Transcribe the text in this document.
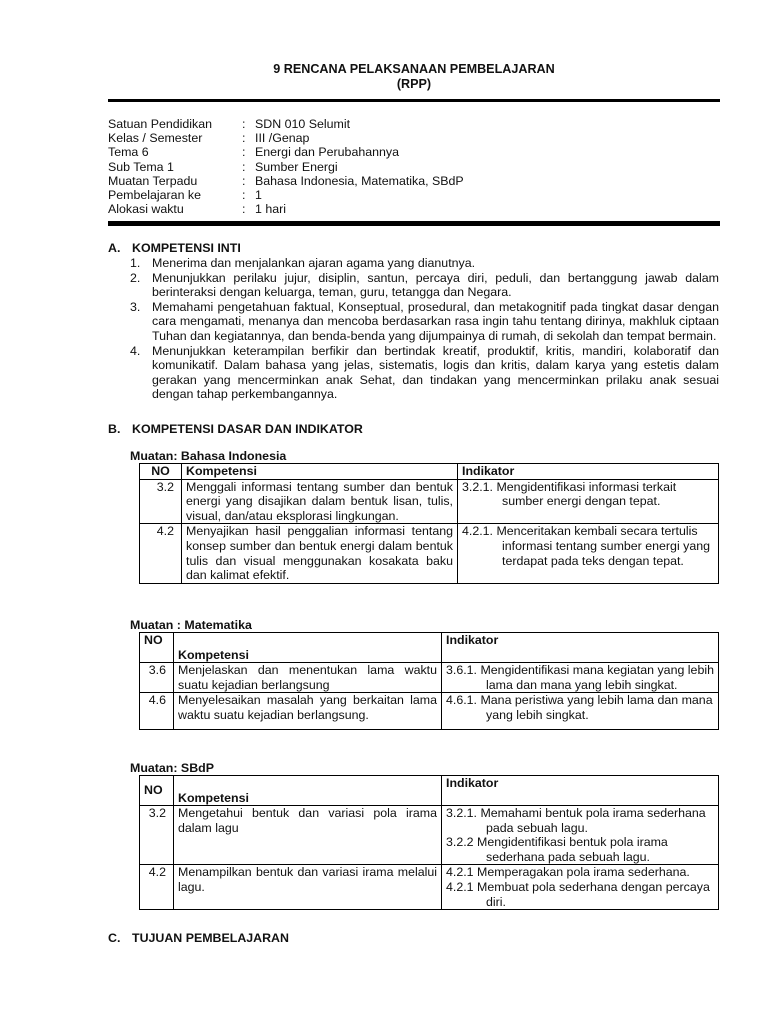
9 RENCANA PELAKSANAAN PEMBELAJARAN
(RPP)
Satuan Pendidikan : SDN 010 Selumit
Kelas / Semester	: III /Genap
Tema 6	: Energi dan Perubahannya
Sub Tema 1	: Sumber Energi
Muatan Terpadu	: Bahasa Indonesia, Matematika, SBdP
Pembelajaran ke	: 1
Alokasi waktu	: 1 hari
A. KOMPETENSI INTI
1. Menerima dan menjalankan ajaran agama yang dianutnya.
2. Menunjukkan perilaku jujur, disiplin, santun, percaya diri, peduli, dan bertanggung jawab dalam berinteraksi dengan keluarga, teman, guru, tetangga dan Negara.
3. Memahami pengetahuan faktual, Konseptual, prosedural, dan metakognitif pada tingkat dasar dengan cara mengamati, menanya dan mencoba berdasarkan rasa ingin tahu tentang dirinya, makhluk ciptaan Tuhan dan kegiatannya, dan benda-benda yang dijumpainya di rumah, di sekolah dan tempat bermain.
4. Menunjukkan keterampilan berfikir dan bertindak kreatif, produktif, kritis, mandiri, kolaboratif dan komunikatif. Dalam bahasa yang jelas, sistematis, logis dan kritis, dalam karya yang estetis dalam gerakan yang mencerminkan anak Sehat, dan tindakan yang mencerminkan prilaku anak sesuai dengan tahap perkembangannya.
B. KOMPETENSI DASAR DAN INDIKATOR
Muatan: Bahasa Indonesia
NO	Kompetensi	Indikator
3.2	Menggali informasi tentang sumber dan bentuk energi yang disajikan dalam bentuk lisan, tulis, visual, dan/atau eksplorasi lingkungan.	3.2.1. Mengidentifikasi informasi terkait sumber energi dengan tepat.

4.2	Menyajikan hasil penggalian informasi tentang konsep sumber dan bentuk energi dalam bentuk tulis dan visual menggunakan kosakata baku dan kalimat efektif.	4.2.1. Menceritakan kembali secara tertulis informasi tentang sumber energi yang terdapat pada teks dengan tepat.
Muatan : Matematika
NO	Kompetensi	Indikator

3.6	Menjelaskan dan menentukan lama waktu suatu kejadian berlangsung	3.6.1. Mengidentifikasi mana kegiatan yang lebih lama dan mana yang lebih singkat.

4.6	Menyelesaikan masalah yang berkaitan lama waktu suatu kejadian berlangsung.	4.6.1. Mana peristiwa yang lebih lama dan mana yang lebih singkat.
Muatan: SBdP
NO	Kompetensi	Indikator

3.2	Mengetahui bentuk dan variasi pola irama dalam lagu	3.2.1. Memahami bentuk pola irama sederhana pada sebuah lagu.
3.2.2 Mengidentifikasi bentuk pola irama sederhana pada sebuah lagu.

4.2	Menampilkan bentuk dan variasi irama melalui lagu.	4.2.1 Memperagakan pola irama sederhana.
4.2.1 Membuat pola sederhana dengan percaya diri.
C. TUJUAN PEMBELAJARAN
